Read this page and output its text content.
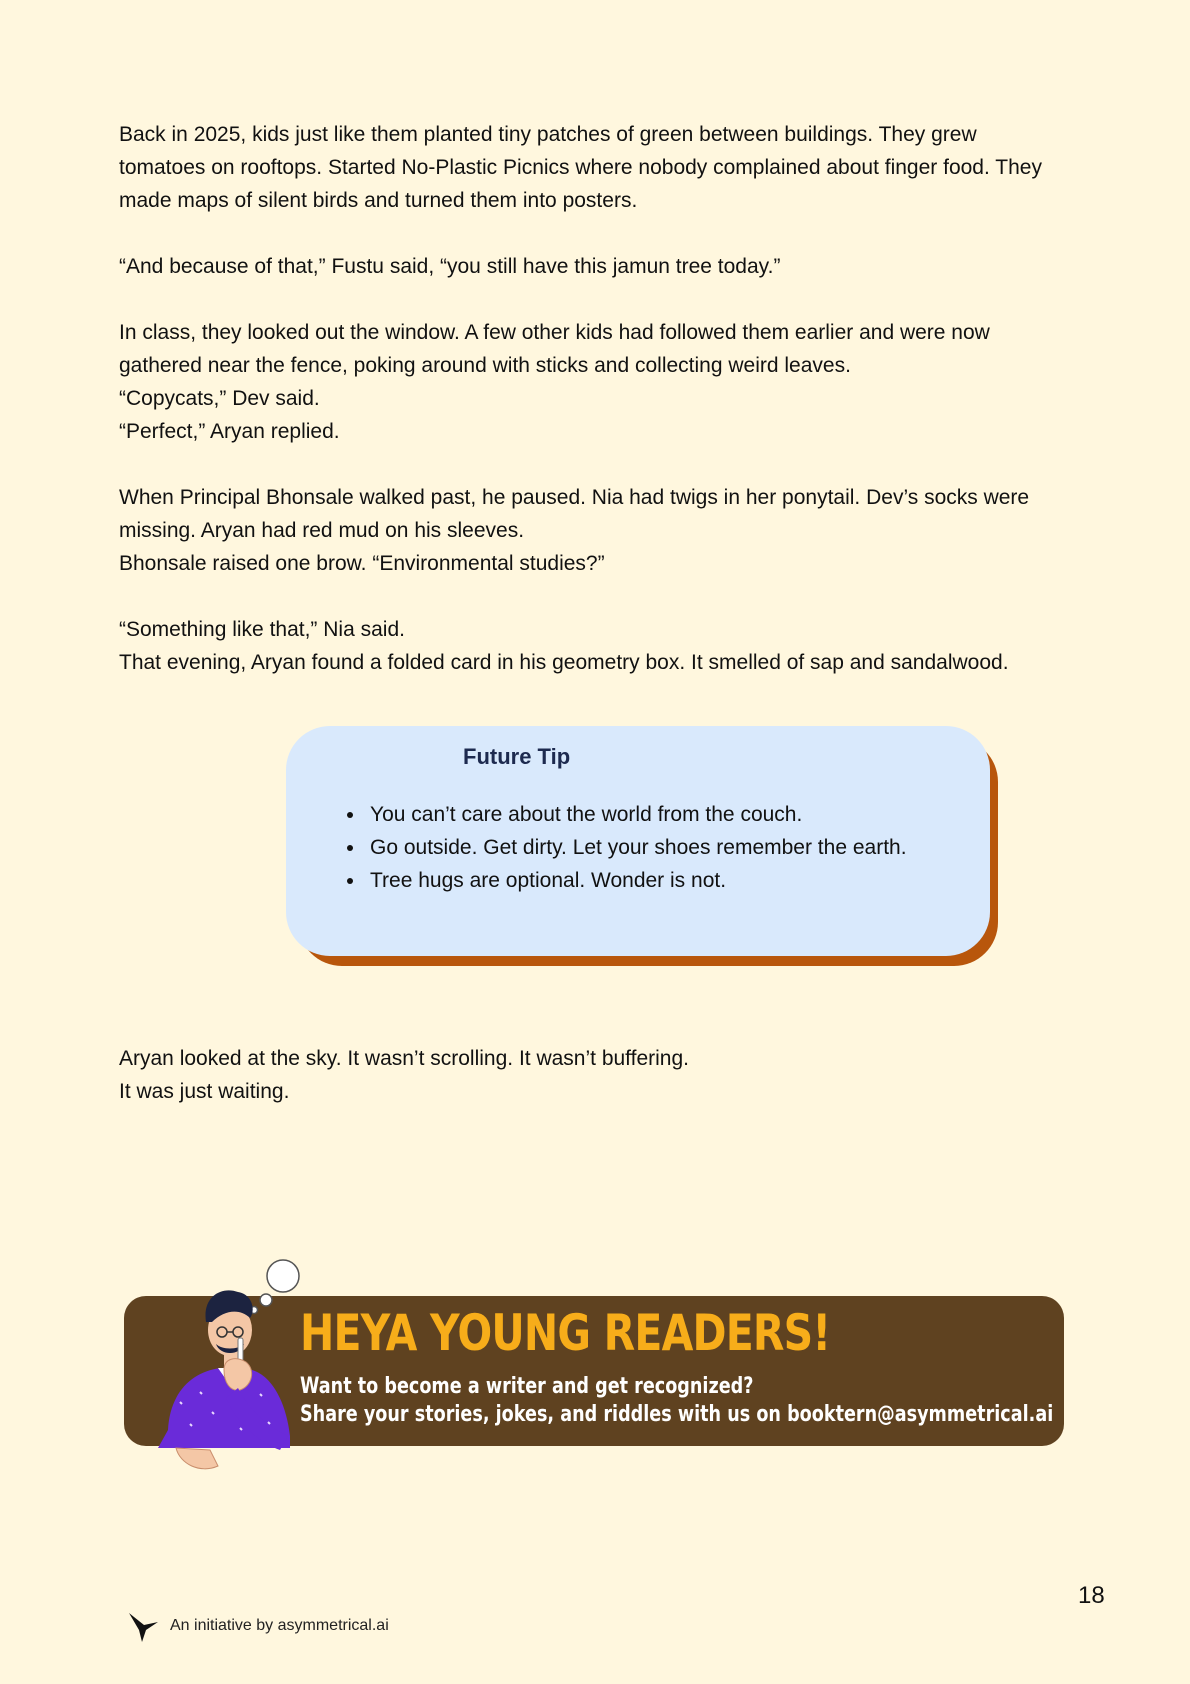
Back in 2025, kids just like them planted tiny patches of green between buildings. They grew tomatoes on rooftops. Started No-Plastic Picnics where nobody complained about finger food. They made maps of silent birds and turned them into posters.

“And because of that,” Fustu said, “you still have this jamun tree today.”

In class, they looked out the window. A few other kids had followed them earlier and were now gathered near the fence, poking around with sticks and collecting weird leaves.

“Copycats,” Dev said.

“Perfect,” Aryan replied.

When Principal Bhonsale walked past, he paused. Nia had twigs in her ponytail. Dev’s socks were missing. Aryan had red mud on his sleeves.

Bhonsale raised one brow. “Environmental studies?”

“Something like that,” Nia said.

That evening, Aryan found a folded card in his geometry box. It smelled of sap and sandalwood.

Future Tip
• You can’t care about the world from the couch.
• Go outside. Get dirty. Let your shoes remember the earth.
• Tree hugs are optional. Wonder is not.

Aryan looked at the sky. It wasn’t scrolling. It wasn’t buffering.

It was just waiting.

HEYA YOUNG READERS!
Want to become a writer and get recognized?
Share your stories, jokes, and riddles with us on booktern@asymmetrical.ai
18
An initiative by asymmetrical.ai
